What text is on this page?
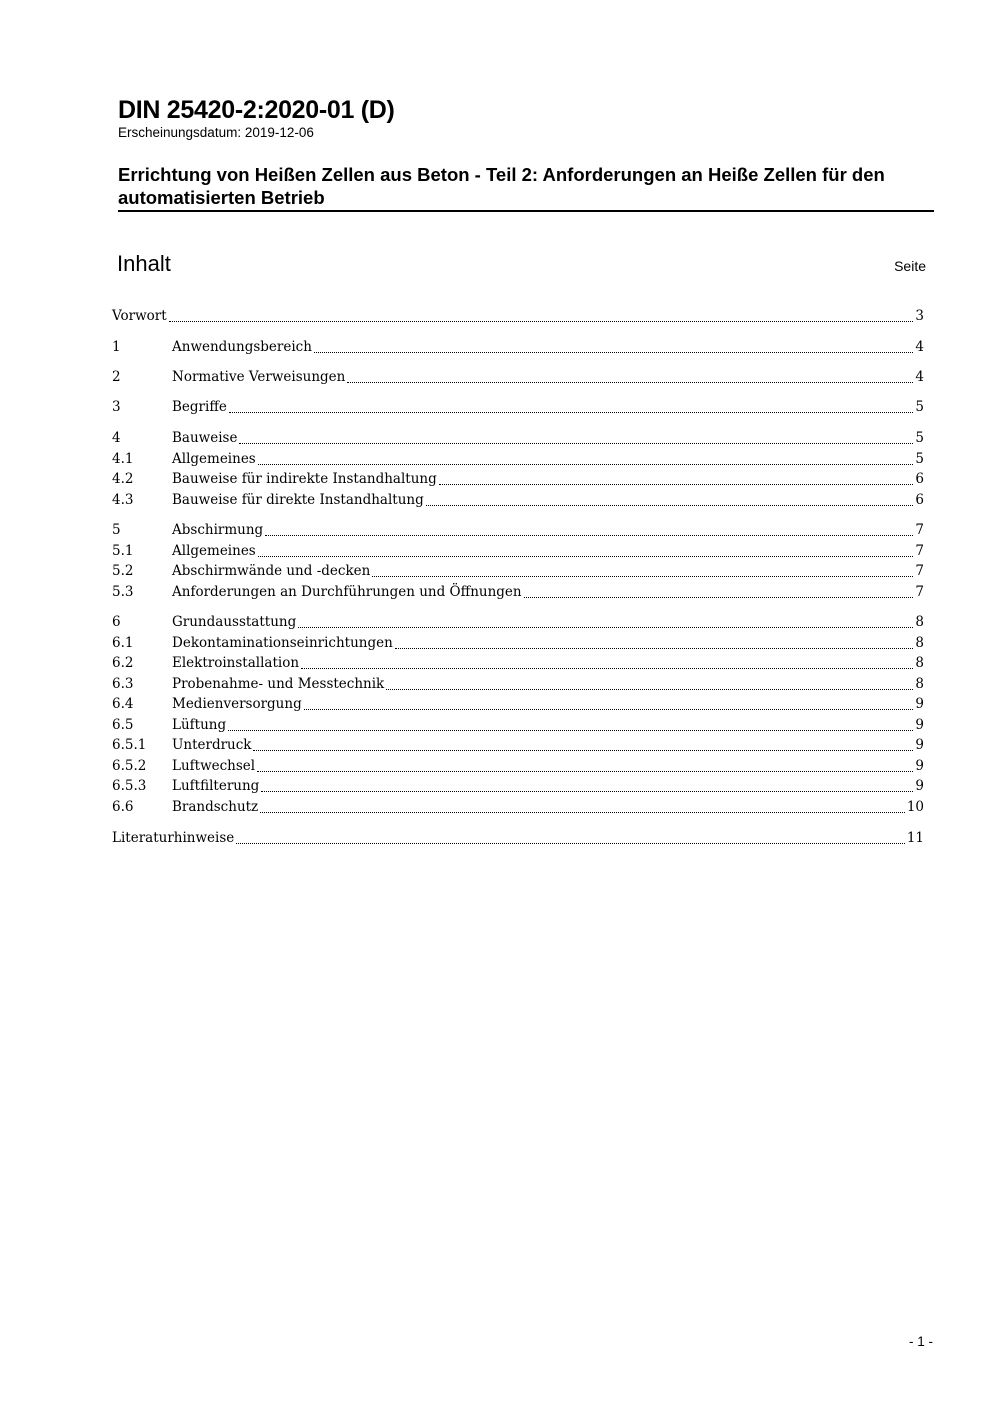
DIN 25420-2:2020-01 (D)
Erscheinungsdatum: 2019-12-06
Errichtung von Heißen Zellen aus Beton - Teil 2: Anforderungen an Heiße Zellen für den automatisierten Betrieb
Inhalt	Seite
Vorwort	3
1	Anwendungsbereich	4
2	Normative Verweisungen	4
3	Begriffe	5
4	Bauweise	5
4.1	Allgemeines	5
4.2	Bauweise für indirekte Instandhaltung	6
4.3	Bauweise für direkte Instandhaltung	6
5	Abschirmung	7
5.1	Allgemeines	7
5.2	Abschirmwände und -decken	7
5.3	Anforderungen an Durchführungen und Öffnungen	7
6	Grundausstattung	8
6.1	Dekontaminationseinrichtungen	8
6.2	Elektroinstallation	8
6.3	Probenahme- und Messtechnik	8
6.4	Medienversorgung	9
6.5	Lüftung	9
6.5.1	Unterdruck	9
6.5.2	Luftwechsel	9
6.5.3	Luftfilterung	9
6.6	Brandschutz	10
Literaturhinweise	11
- 1 -
